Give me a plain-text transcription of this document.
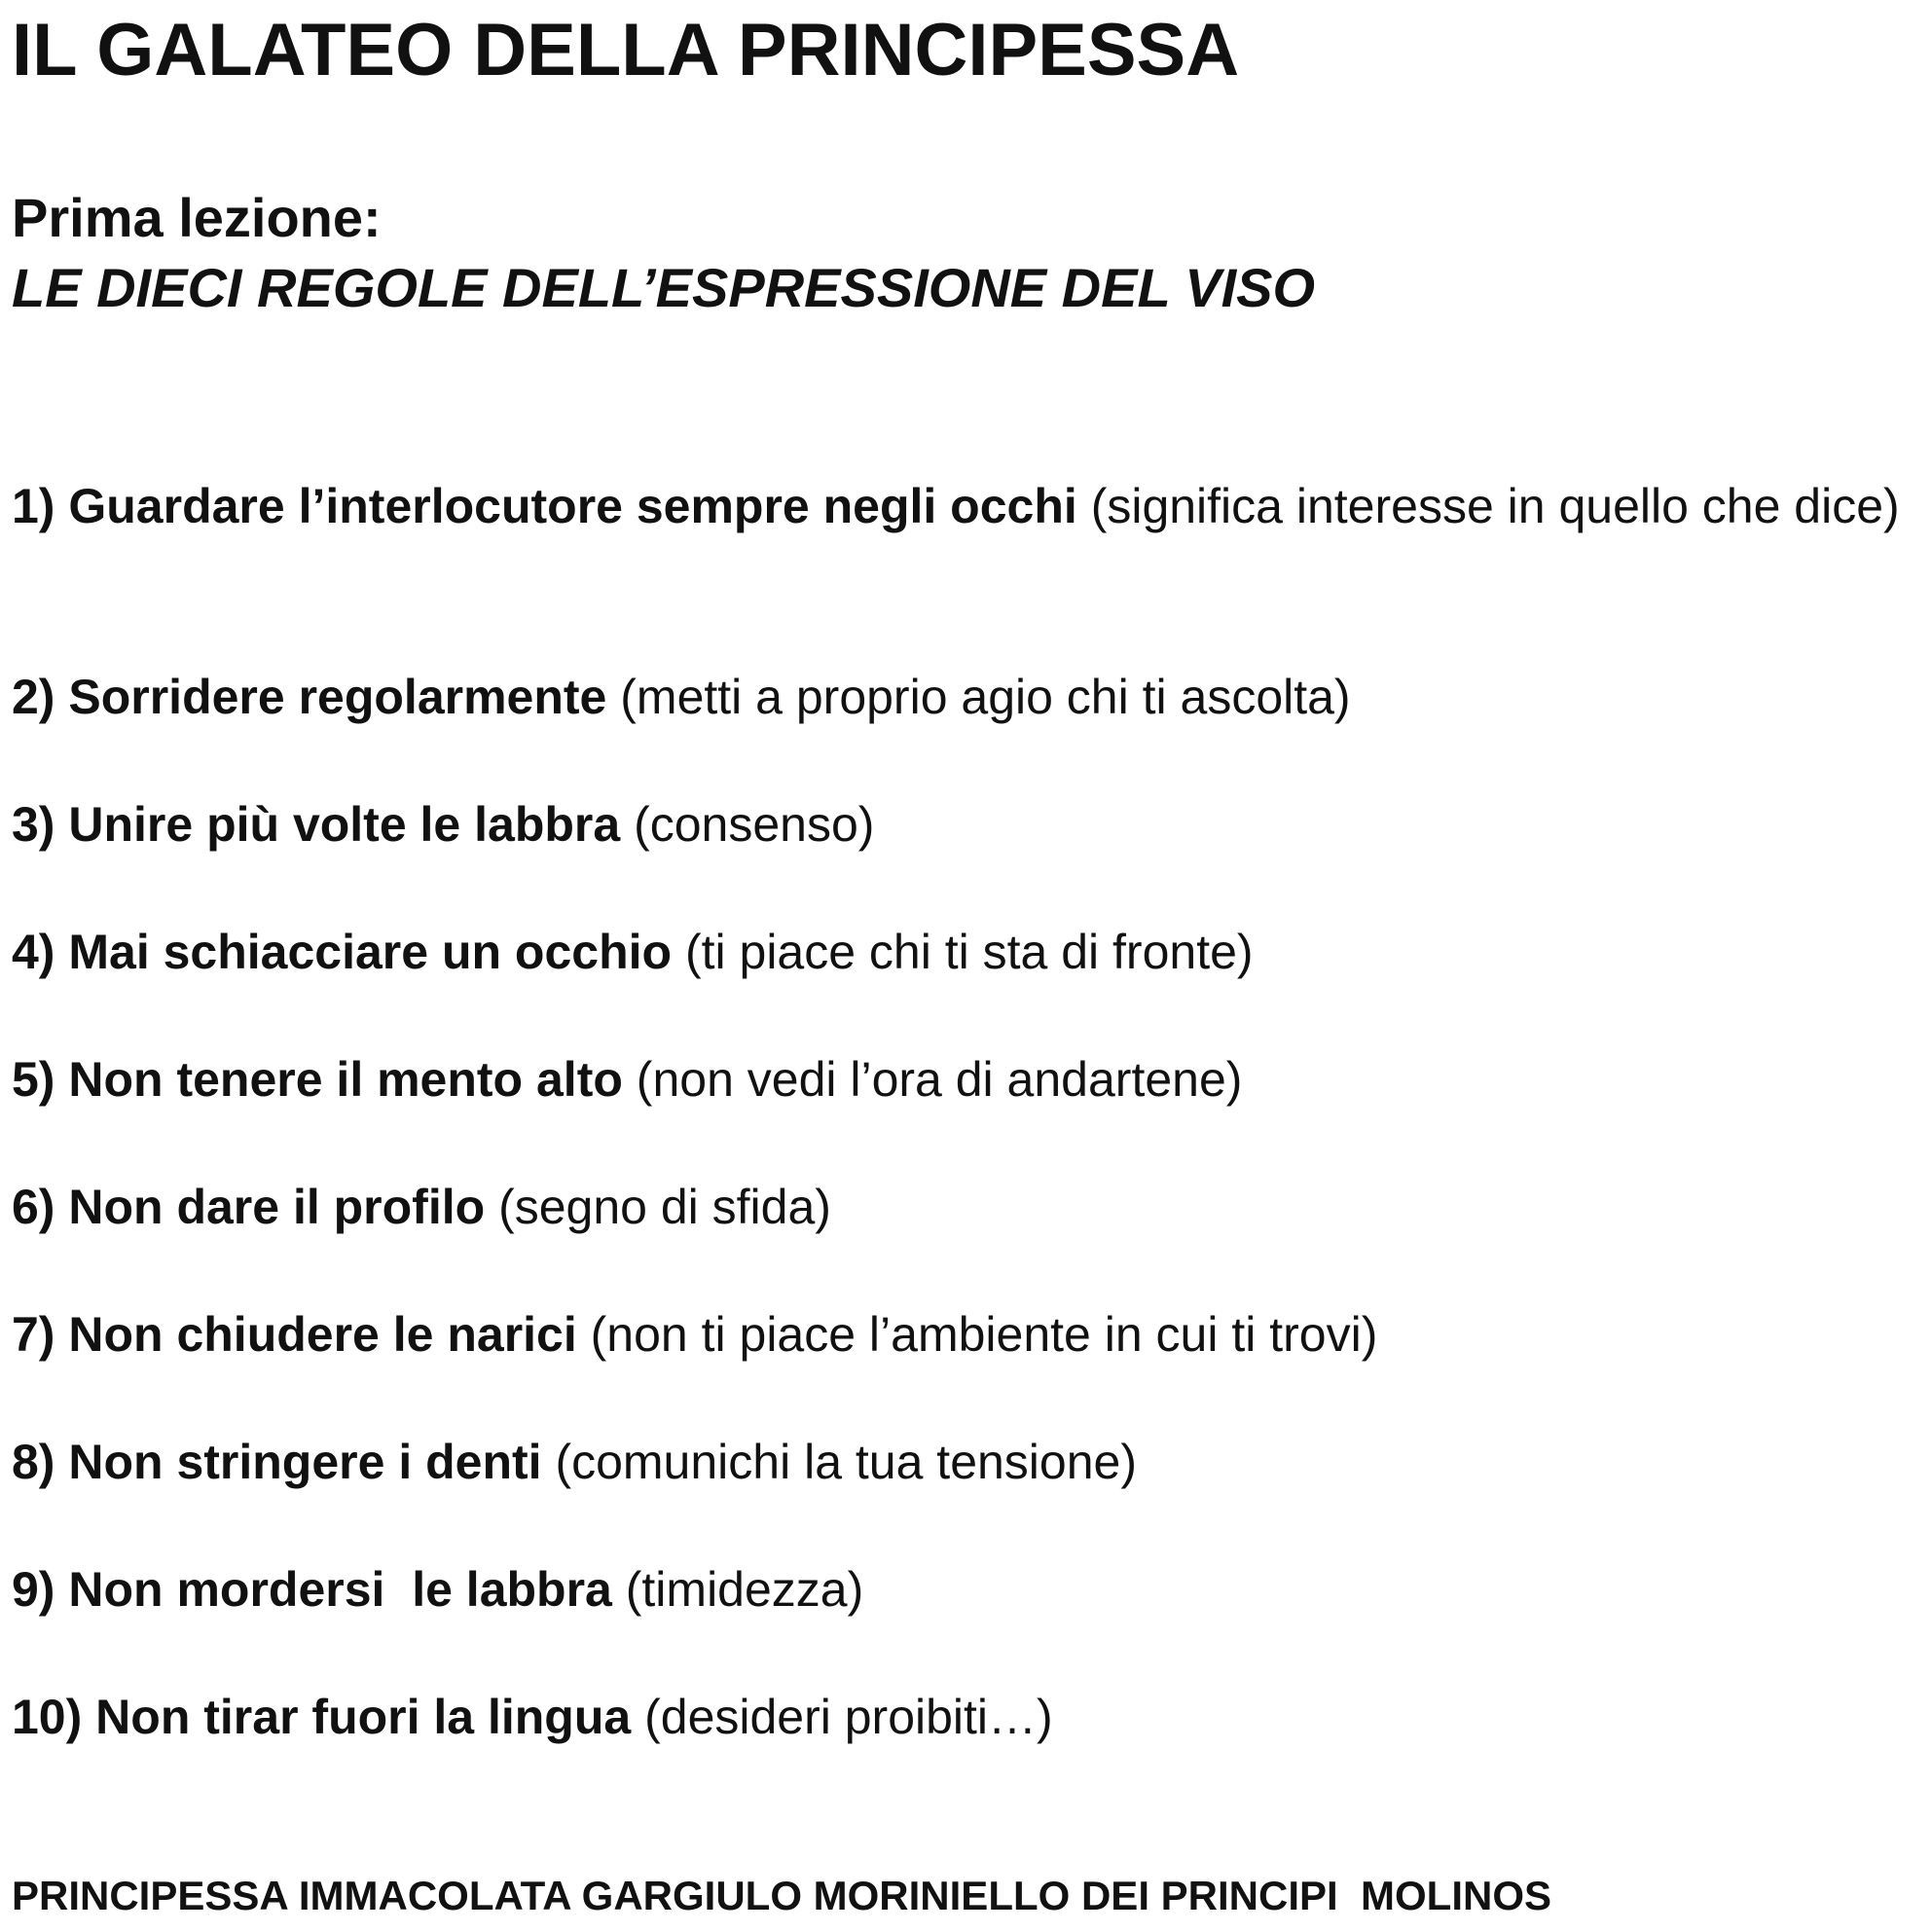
IL GALATEO DELLA PRINCIPESSA
Prima lezione:
LE DIECI REGOLE DELL’ESPRESSIONE DEL VISO
1) Guardare l’interlocutore sempre negli occhi (significa interesse in quello che dice)
2) Sorridere regolarmente (metti a proprio agio chi ti ascolta)
3) Unire più volte le labbra (consenso)
4) Mai schiacciare un occhio (ti piace chi ti sta di fronte)
5) Non tenere il mento alto (non vedi l’ora di andartene)
6) Non dare il profilo (segno di sfida)
7) Non chiudere le narici (non ti piace l’ambiente in cui ti trovi)
8) Non stringere i denti (comunichi la tua tensione)
9) Non mordersi  le labbra (timidezza)
10) Non tirar fuori la lingua (desideri proibiti…)

PRINCIPESSA IMMACOLATA GARGIULO MORINIELLO DEI PRINCIPI  MOLINOS
